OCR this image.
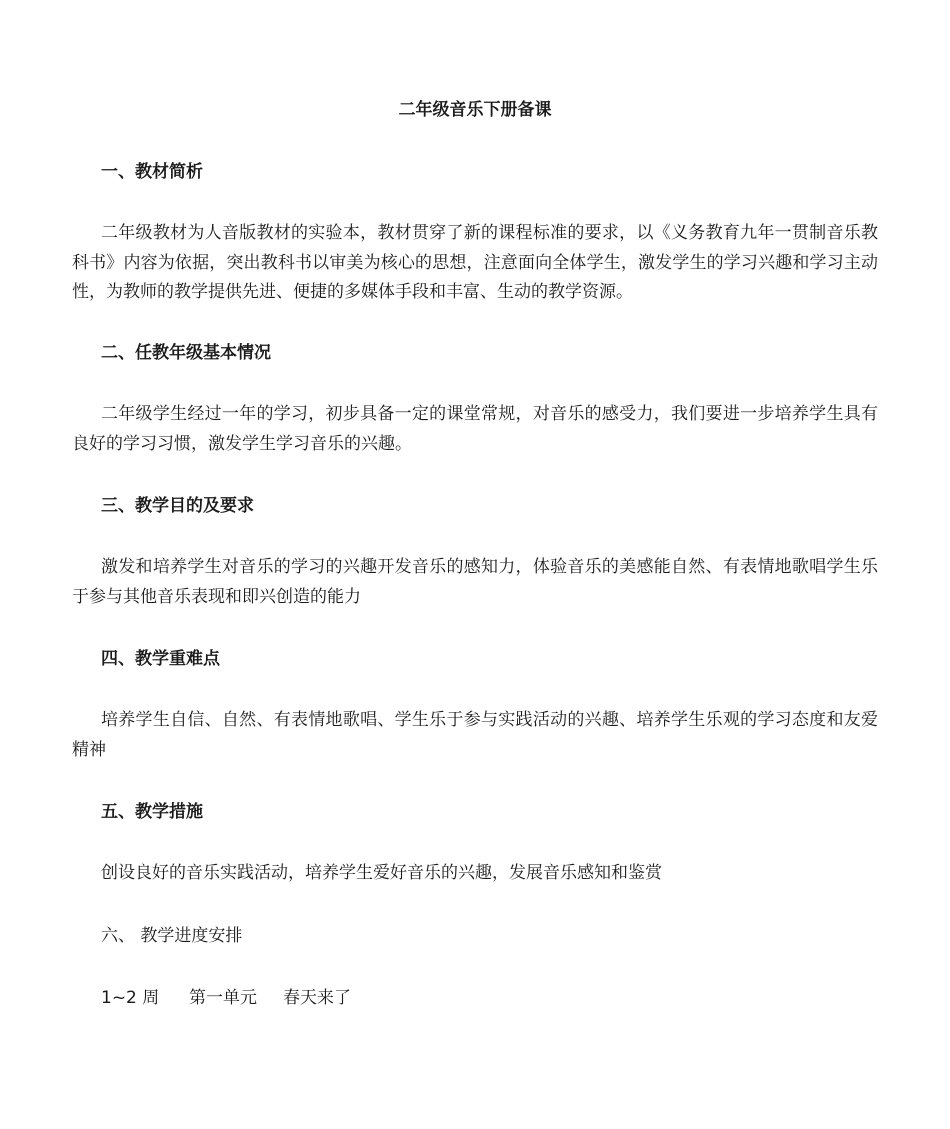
二年级音乐下册备课
一、教材简析

二年级教材为人音版教材的实验本，教材贯穿了新的课程标准的要求，以《义务教育九年一贯制音乐教科书》内容为依据，突出教科书以审美为核心的思想，注意面向全体学生，激发学生的学习兴趣和学习主动性，为教师的教学提供先进、便捷的多媒体手段和丰富、生动的教学资源。

二、任教年级基本情况

二年级学生经过一年的学习，初步具备一定的课堂常规，对音乐的感受力，我们要进一步培养学生具有良好的学习习惯，激发学生学习音乐的兴趣。

三、教学目的及要求

激发和培养学生对音乐的学习的兴趣开发音乐的感知力，体验音乐的美感能自然、有表情地歌唱学生乐于参与其他音乐表现和即兴创造的能力

四、教学重难点

培养学生自信、自然、有表情地歌唱、学生乐于参与实践活动的兴趣、培养学生乐观的学习态度和友爱精神

五、教学措施

创设良好的音乐实践活动，培养学生爱好音乐的兴趣，发展音乐感知和鉴赏

六、 教学进度安排
1~2 周 第一单元 春天来了
